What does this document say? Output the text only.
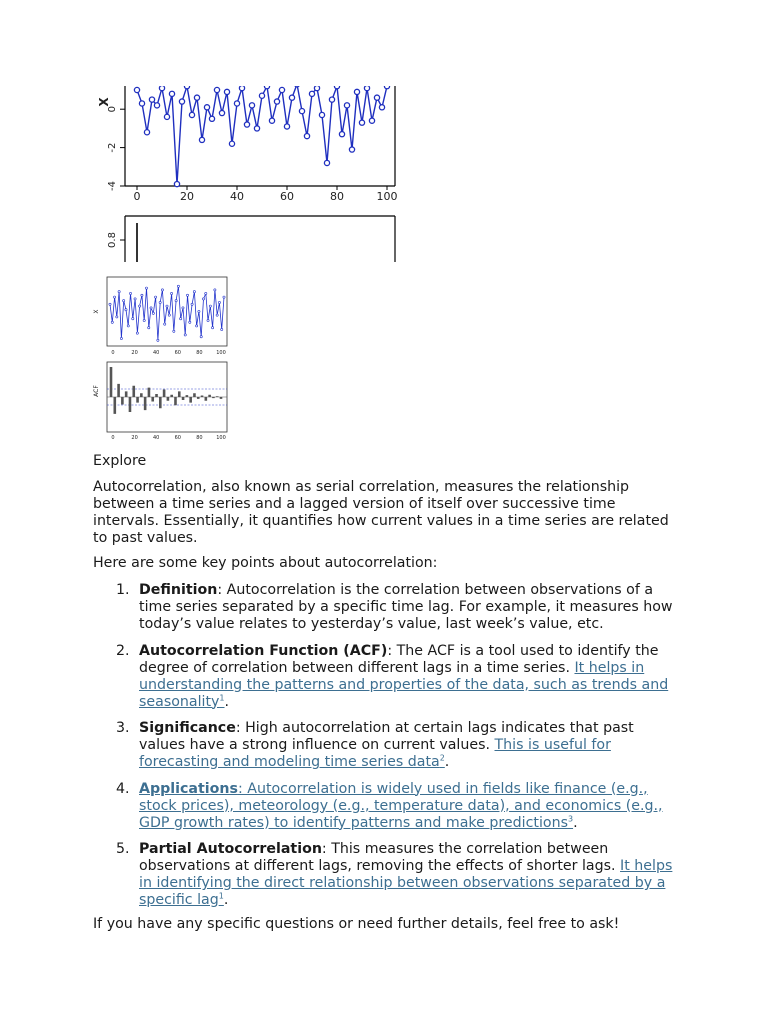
0
-2
-4
X
0	20	40	60	80	100
0.8
X
0	20	40	60	80	100
ACF
0	20	40	60	80	100
Explore

Autocorrelation, also known as serial correlation, measures the relationship between a time series and a lagged version of itself over successive time intervals. Essentially, it quantifies how current values in a time series are related to past values.

Here are some key points about autocorrelation:

1. Definition: Autocorrelation is the correlation between observations of a time series separated by a specific time lag. For example, it measures how today’s value relates to yesterday’s value, last week’s value, etc.
2. Autocorrelation Function (ACF): The ACF is a tool used to identify the degree of correlation between different lags in a time series. It helps in understanding the patterns and properties of the data, such as trends and seasonality$^1$.
3. Significance: High autocorrelation at certain lags indicates that past values have a strong influence on current values. This is useful for forecasting and modeling time series data$^2$.
4. Applications: Autocorrelation is widely used in fields like finance (e.g., stock prices), meteorology (e.g., temperature data), and economics (e.g., GDP growth rates) to identify patterns and make predictions$^3$.
5. Partial Autocorrelation: This measures the correlation between observations at different lags, removing the effects of shorter lags. It helps in identifying the direct relationship between observations separated by a specific lag$^1$.

If you have any specific questions or need further details, feel free to ask!
